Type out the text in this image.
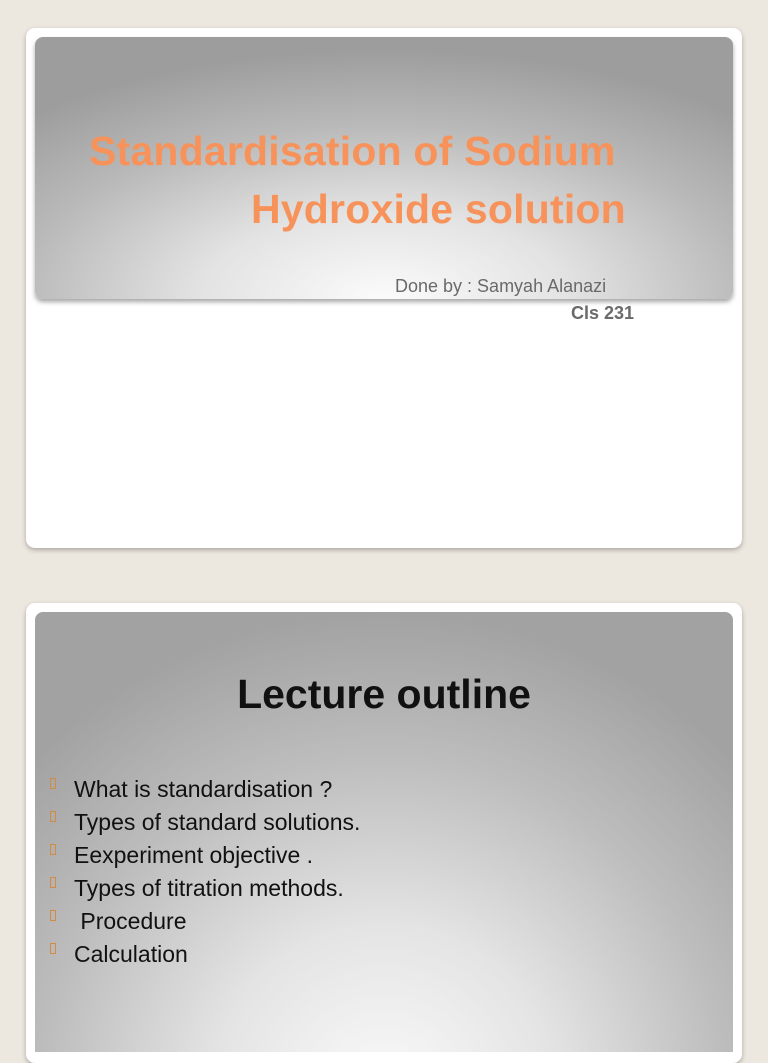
Standardisation of Sodium
Hydroxide solution

Done by : Samyah Alanazi

Cls 231

Lecture outline
What is standardisation ?
Types of standard solutions.
Eexperiment objective .
Types of titration methods.
Procedure
Calculation
